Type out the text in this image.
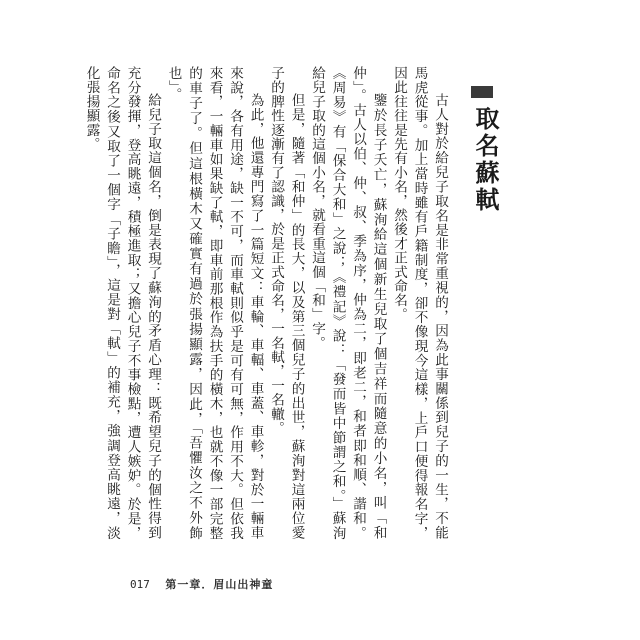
取名蘇軾

古人對於給兒子取名是非常重視的，因為此事關係到兒子的一生，不能馬虎從事。加上當時雖有戶籍制度，卻不像現今這樣，上戶口便得報名字，因此往往是先有小名，然後才正式命名。

鑒於長子夭亡，蘇洵給這個新生兒取了個吉祥而隨意的小名，叫「和仲」。古人以伯、仲、叔、季為序，仲為二，即老二，和者即和順、諧和。《周易》有「保合大和」之說；《禮記》說：「發而皆中節謂之和。」蘇洵給兒子取的這個小名，就看重這個「和」字。

但是，隨著「和仲」的長大，以及第三個兒子的出世，蘇洵對這兩位愛子的脾性逐漸有了認識，於是正式命名，一名軾，一名轍。

為此，他還專門寫了一篇短文：車輪、車輻、車蓋、車軫，對於一輛車來說，各有用途，缺一不可，而車軾則似乎是可有可無，作用不大。但依我來看，一輛車如果缺了軾，即車前那根作為扶手的橫木，也就不像一部完整的車子了。但這根橫木又確實有過於張揚顯露，因此，「吾懼汝之不外飾也」。

給兒子取這個名，倒是表現了蘇洵的矛盾心理：既希望兒子的個性得到充分發揮，登高眺遠，積極進取；又擔心兒子不事檢點，遭人嫉妒。於是，命名之後又取了一個字「子瞻」，這是對「軾」的補充，強調登高眺遠，淡化張揚顯露。

017 第一章．眉山出神童
